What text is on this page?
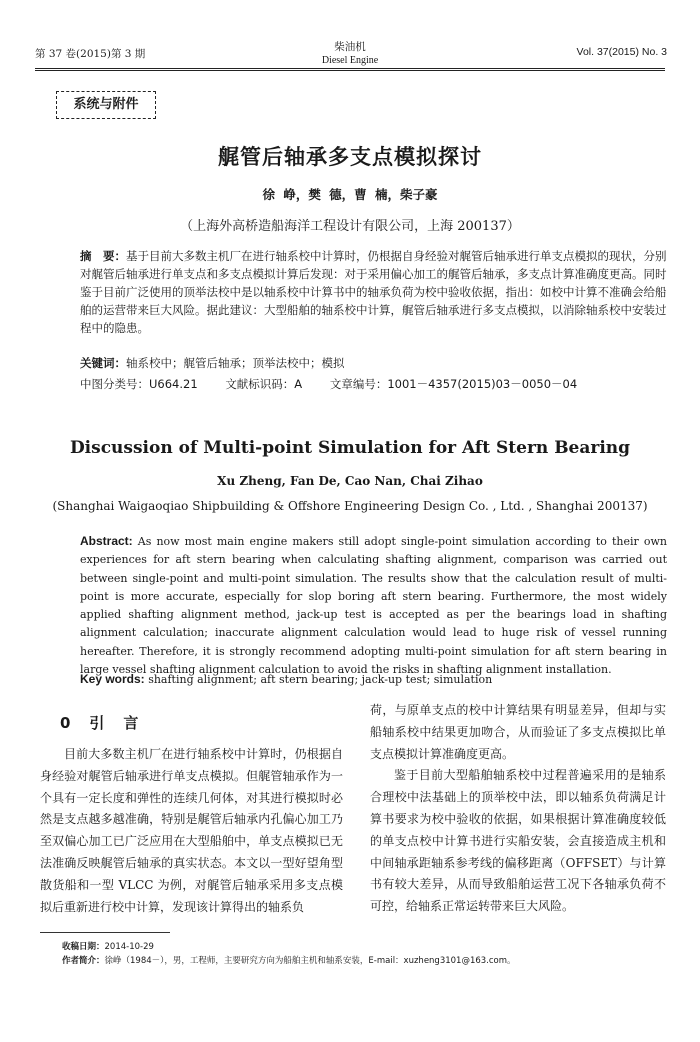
第 37 卷(2015)第 3 期
柴油机
Diesel Engine
Vol. 37(2015) No. 3
系统与附件
艉管后轴承多支点模拟探讨
徐 峥，樊 德，曹 楠，柴子豪
（上海外高桥造船海洋工程设计有限公司，上海 200137）
摘　要：基于目前大多数主机厂在进行轴系校中计算时，仍根据自身经验对艉管后轴承进行单支点模拟的现状，分别对艉管后轴承进行单支点和多支点模拟计算后发现：对于采用偏心加工的艉管后轴承，多支点计算准确度更高。同时鉴于目前广泛使用的顶举法校中是以轴系校中计算书中的轴承负荷为校中验收依据，指出：如校中计算不准确会给船舶的运营带来巨大风险。据此建议：大型船舶的轴系校中计算，艉管后轴承进行多支点模拟，以消除轴系校中安装过程中的隐患。
关键词：轴系校中；艉管后轴承；顶举法校中；模拟
中图分类号：U664.21 文献标识码：A 文章编号：1001－4357(2015)03－0050－04
Discussion of Multi-point Simulation for Aft Stern Bearing
Xu Zheng, Fan De, Cao Nan, Chai Zihao
(Shanghai Waigaoqiao Shipbuilding & Offshore Engineering Design Co. , Ltd. , Shanghai 200137)
Abstract: As now most main engine makers still adopt single-point simulation according to their own experiences for aft stern bearing when calculating shafting alignment, comparison was carried out between single-point and multi-point simulation. The results show that the calculation result of multi-point is more accurate, especially for slop boring aft stern bearing. Furthermore, the most widely applied shafting alignment method, jack-up test is accepted as per the bearings load in shafting alignment calculation; inaccurate alignment calculation would lead to huge risk of vessel running hereafter. Therefore, it is strongly recommend adopting multi-point simulation for aft stern bearing in large vessel shafting alignment calculation to avoid the risks in shafting alignment installation.
Key words: shafting alignment; aft stern bearing; jack-up test; simulation
0　引　言

目前大多数主机厂在进行轴系校中计算时，仍根据自身经验对艉管后轴承进行单支点模拟。但艉管轴承作为一个具有一定长度和弹性的连续几何体，对其进行模拟时必然是支点越多越准确，特别是艉管后轴承内孔偏心加工乃至双偏心加工已广泛应用在大型船舶中，单支点模拟已无法准确反映艉管后轴承的真实状态。本文以一型好望角型散货船和一型 VLCC 为例，对艉管后轴承采用多支点模拟后重新进行校中计算，发现该计算得出的轴系负

荷，与原单支点的校中计算结果有明显差异，但却与实船轴系校中结果更加吻合，从而验证了多支点模拟比单支点模拟计算准确度更高。

鉴于目前大型船舶轴系校中过程普遍采用的是轴系合理校中法基础上的顶举校中法，即以轴系负荷满足计算书要求为校中验收的依据，如果根据计算准确度较低的单支点校中计算书进行实船安装，会直接造成主机和中间轴承距轴系参考线的偏移距离（OFFSET）与计算书有较大差异，从而导致船舶运营工况下各轴承负荷不可控，给轴系正常运转带来巨大风险。

收稿日期：2014-10-29
作者简介：徐峥（1984－），男，工程师，主要研究方向为船舶主机和轴系安装，E-mail：xuzheng3101@163.com。
